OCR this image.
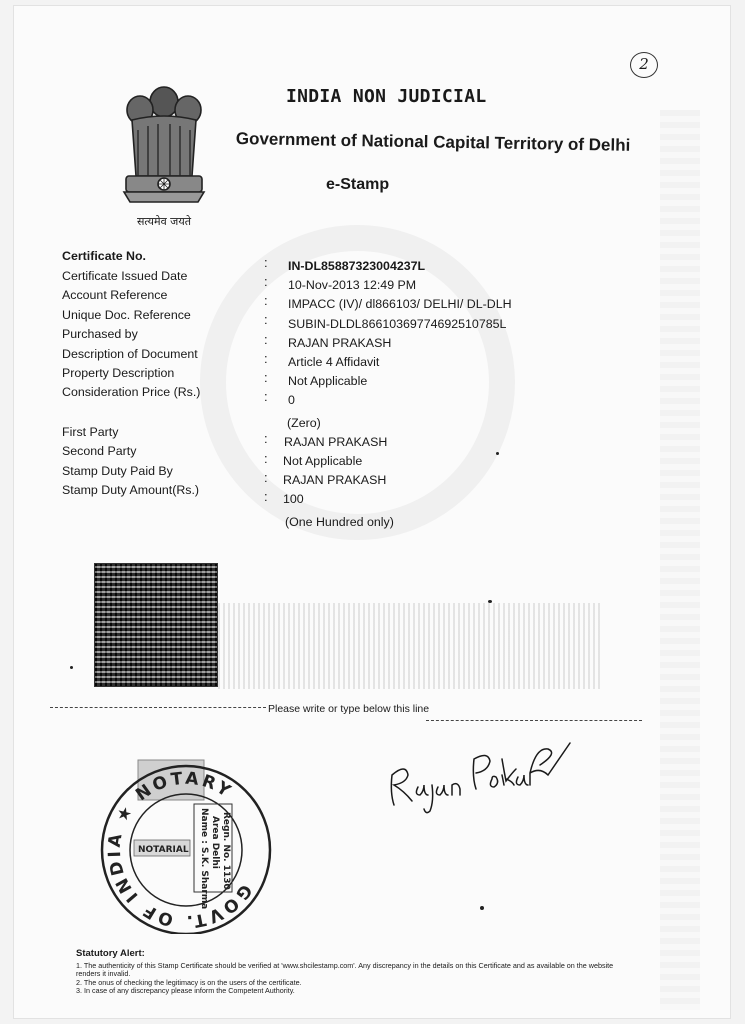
2
सत्यमेव जयते
INDIA NON JUDICIAL
Government of National Capital Territory of Delhi
e-Stamp
Certificate No.
Certificate Issued Date
Account Reference
Unique Doc. Reference
Purchased by
Description of Document
Property Description
Consideration Price (Rs.)
First Party
Second Party
Stamp Duty Paid By
Stamp Duty Amount(Rs.)
:
:
:
:
:
:
:
:
:
:
:
:
IN-DL85887323004237L
10-Nov-2013 12:49 PM
IMPACC (IV)/ dl866103/ DELHI/ DL-DLH
SUBIN-DLDL86610369774692510785L
RAJAN PRAKASH
Article 4 Affidavit
Not Applicable
0
(Zero)
RAJAN PRAKASH
Not Applicable
RAJAN PRAKASH
100
(One Hundred only)
Please write or type below this line
GOVT. OF INDIA ★ NOTARY
Name : S.K. Sharma Area Delhi Regn. No. 1130
NOTARIAL
Statutory Alert:
1. The authenticity of this Stamp Certificate should be verified at 'www.shcilestamp.com'. Any discrepancy in the details on this Certificate and as available on the website renders it invalid.
2. The onus of checking the legitimacy is on the users of the certificate.
3. In case of any discrepancy please inform the Competent Authority.
